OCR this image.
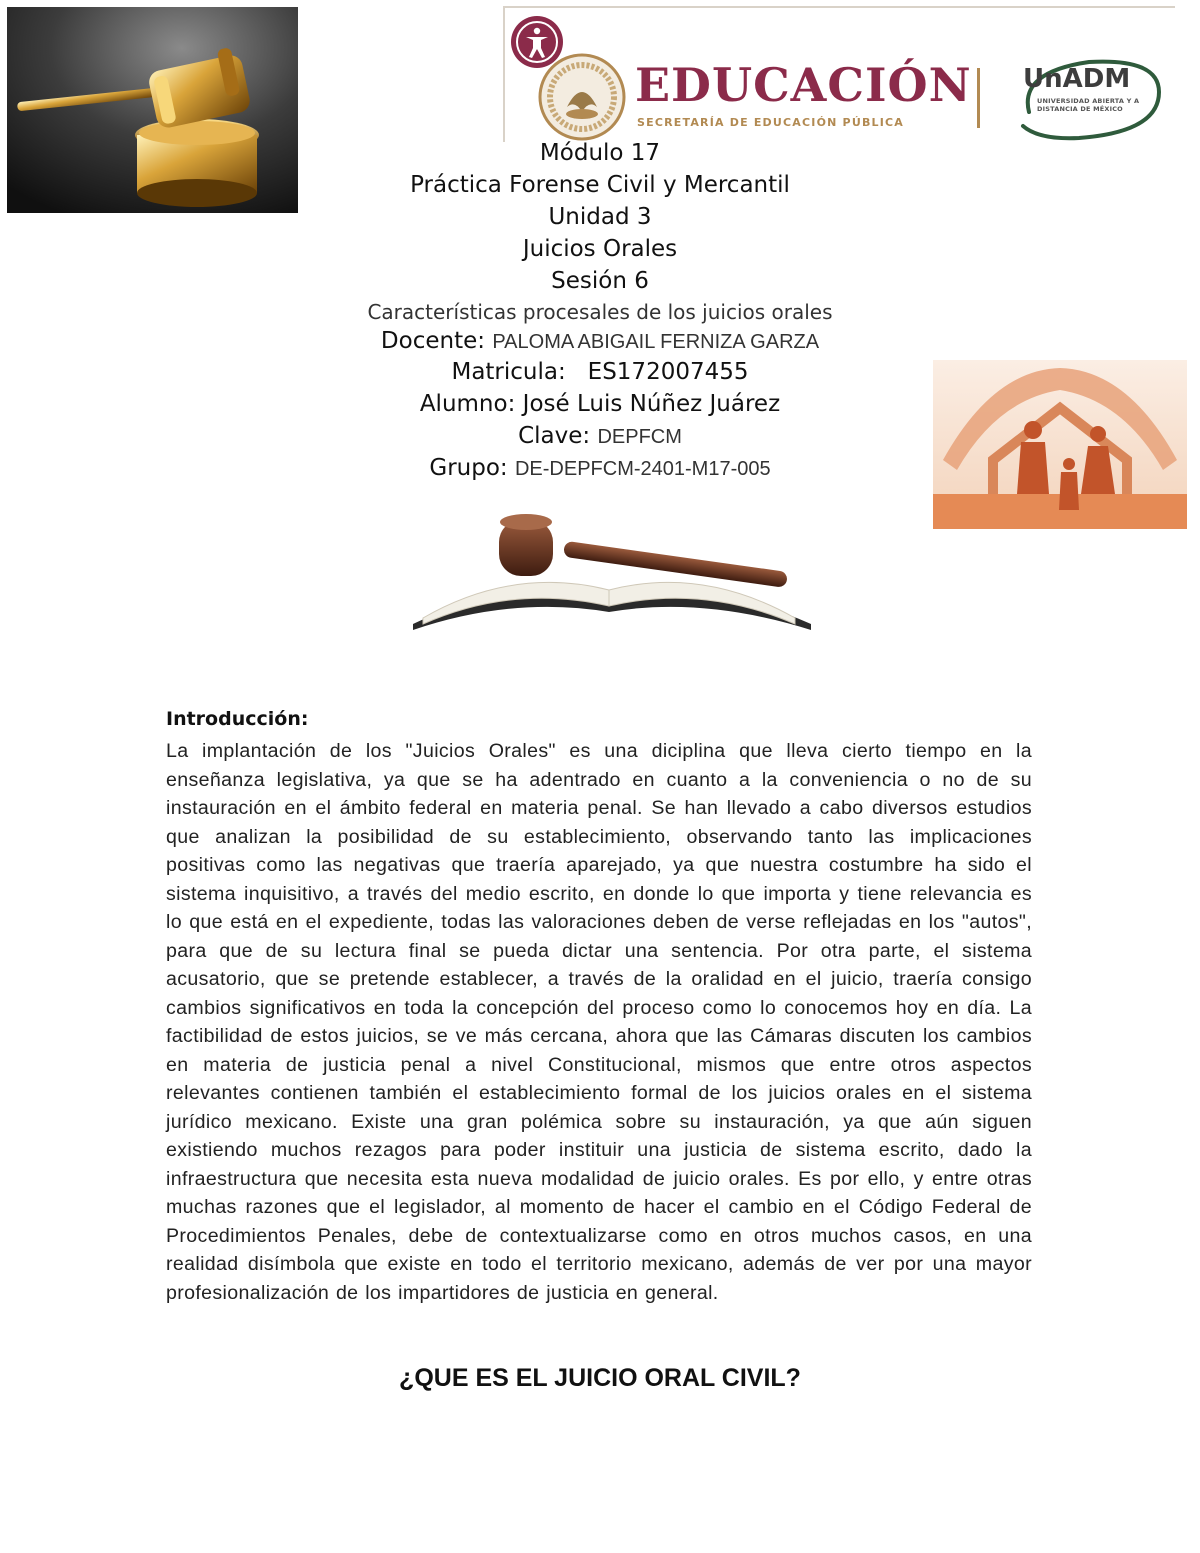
EDUCACIÓN
SECRETARÍA DE EDUCACIÓN PÚBLICA
UnADM
UNIVERSIDAD ABIERTA Y A DISTANCIA DE MÉXICO
Módulo 17
Práctica Forense Civil y Mercantil
Unidad 3
Juicios Orales
Sesión 6
Características procesales de los juicios orales
Docente: PALOMA ABIGAIL FERNIZA GARZA
Matricula: ES172007455
Alumno: José Luis Núñez Juárez
Clave: DEPFCM
Grupo: DE-DEPFCM-2401-M17-005
Introducción:

La implantación de los "Juicios Orales" es una diciplina que lleva cierto tiempo en la enseñanza legislativa, ya que se ha adentrado en cuanto a la conveniencia o no de su instauración en el ámbito federal en materia penal. Se han llevado a cabo diversos estudios que analizan la posibilidad de su establecimiento, observando tanto las implicaciones positivas como las negativas que traería aparejado, ya que nuestra costumbre ha sido el sistema inquisitivo, a través del medio escrito, en donde lo que importa y tiene relevancia es lo que está en el expediente, todas las valoraciones deben de verse reflejadas en los "autos", para que de su lectura final se pueda dictar una sentencia. Por otra parte, el sistema acusatorio, que se pretende establecer, a través de la oralidad en el juicio, traería consigo cambios significativos en toda la concepción del proceso como lo conocemos hoy en día. La factibilidad de estos juicios, se ve más cercana, ahora que las Cámaras discuten los cambios en materia de justicia penal a nivel Constitucional, mismos que entre otros aspectos relevantes contienen también el establecimiento formal de los juicios orales en el sistema jurídico mexicano. Existe una gran polémica sobre su instauración, ya que aún siguen existiendo muchos rezagos para poder instituir una justicia de sistema escrito, dado la infraestructura que necesita esta nueva modalidad de juicio orales. Es por ello, y entre otras muchas razones que el legislador, al momento de hacer el cambio en el Código Federal de Procedimientos Penales, debe de contextualizarse como en otros muchos casos, en una realidad disímbola que existe en todo el territorio mexicano, además de ver por una mayor profesionalización de los impartidores de justicia en general.

¿QUE ES EL JUICIO ORAL CIVIL?
